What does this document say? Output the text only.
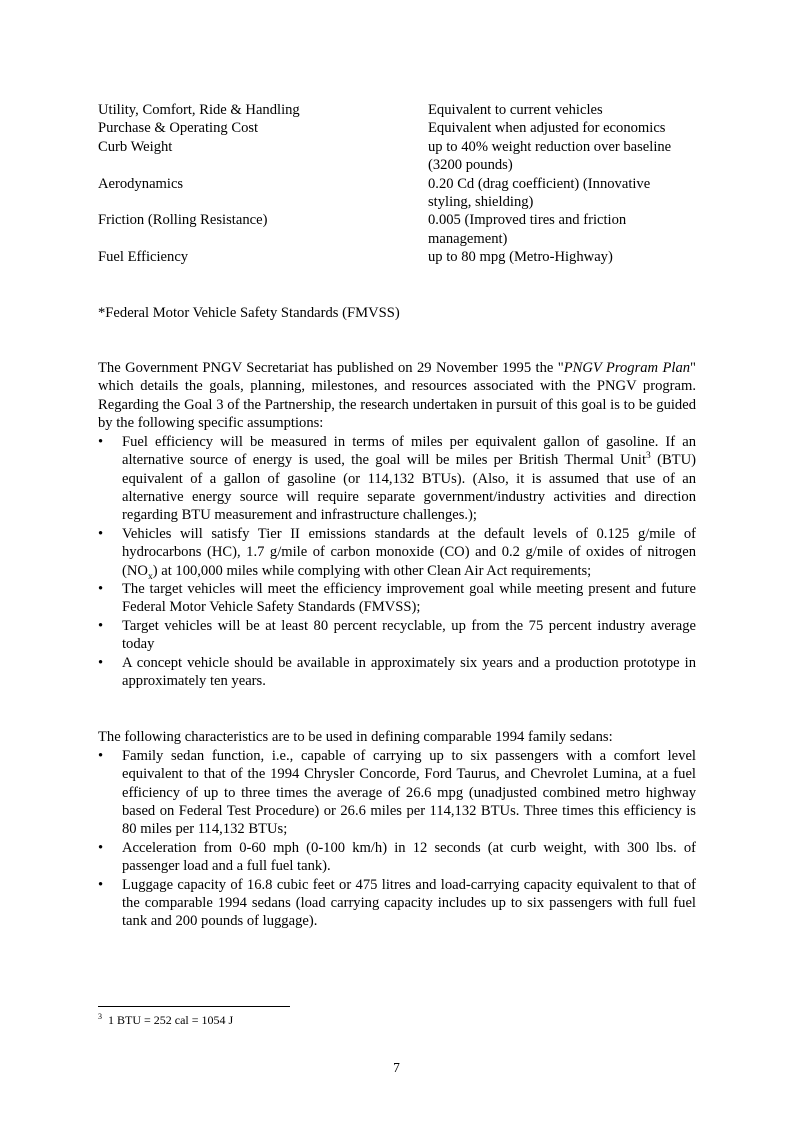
Utility, Comfort, Ride & Handling	Equivalent to current vehicles
Purchase & Operating Cost	Equivalent when adjusted for economics
Curb Weight	up to 40% weight reduction over baseline (3200 pounds)
Aerodynamics	0.20 Cd (drag coefficient) (Innovative styling, shielding)
Friction (Rolling Resistance)	0.005 (Improved tires and friction management)
Fuel Efficiency	up to 80 mpg (Metro-Highway)
*Federal Motor Vehicle Safety Standards (FMVSS)

The Government PNGV Secretariat has published on 29 November 1995 the "PNGV Program Plan" which details the goals, planning, milestones, and resources associated with the PNGV program. Regarding the Goal 3 of the Partnership, the research undertaken in pursuit of this goal is to be guided by the following specific assumptions:

• Fuel efficiency will be measured in terms of miles per equivalent gallon of gasoline. If an alternative source of energy is used, the goal will be miles per British Thermal Unit$^3$ (BTU) equivalent of a gallon of gasoline (or 114,132 BTUs). (Also, it is assumed that use of an alternative energy source will require separate government/industry activities and direction regarding BTU measurement and infrastructure challenges.);
• Vehicles will satisfy Tier II emissions standards at the default levels of 0.125 g/mile of hydrocarbons (HC), 1.7 g/mile of carbon monoxide (CO) and 0.2 g/mile of oxides of nitrogen $(NO_x)$ at 100,000 miles while complying with other Clean Air Act requirements;
• The target vehicles will meet the efficiency improvement goal while meeting present and future Federal Motor Vehicle Safety Standards (FMVSS);
• Target vehicles will be at least 80 percent recyclable, up from the 75 percent industry average today
• A concept vehicle should be available in approximately six years and a production prototype in approximately ten years.

The following characteristics are to be used in defining comparable 1994 family sedans:

• Family sedan function, i.e., capable of carrying up to six passengers with a comfort level equivalent to that of the 1994 Chrysler Concorde, Ford Taurus, and Chevrolet Lumina, at a fuel efficiency of up to three times the average of 26.6 mpg (unadjusted combined metro highway based on Federal Test Procedure) or 26.6 miles per 114,132 BTUs. Three times this efficiency is 80 miles per 114,132 BTUs;
• Acceleration from 0-60 mph (0-100 km/h) in 12 seconds (at curb weight, with 300 lbs. of passenger load and a full fuel tank).
• Luggage capacity of 16.8 cubic feet or 475 litres and load-carrying capacity equivalent to that of the comparable 1994 sedans (load carrying capacity includes up to six passengers with full fuel tank and 200 pounds of luggage).
$^3$ 1 BTU = 252 cal = 1054 J
7
